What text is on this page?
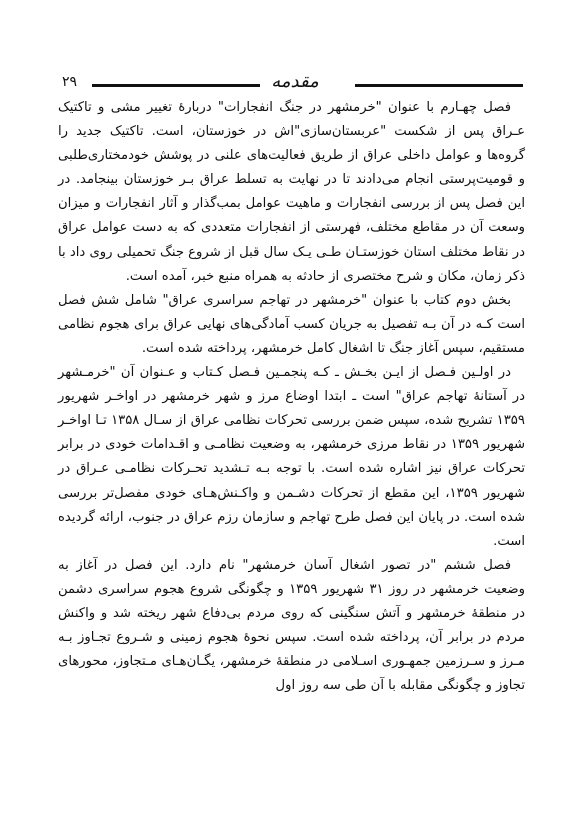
۲۹	مقدمه

فصل چهـارم با عنوان "خرمشهر در جنگ انفجارات" دربارهٔ تغییر مشی و تاکتیک عـراق پس از شکست "عربستان‌سازی"اش در خوزستان، است. تاکتیک جدید را گروه‌ها و عوامل داخلی عراق از طریق فعالیت‌های علنی در پوشش خودمختاری‌طلبی و قومیت‌پرستی انجام می‌دادند تا در نهایت به تسلط عراق بـر خوزستان بینجامد. در این فصل پس از بررسی انفجارات و ماهیت عوامل بمب‌گذار و آثار انفجارات و میزان وسعت آن در مقاطع مختلف، فهرستی از انفجارات متعددی که به دست عوامل عراق در نقاط مختلف استان خوزستـان طـی یـک سال قبل از شروع جنگ تحمیلی روی داد با ذکر زمان، مکان و شرح مختصری از حادثه به همراه منبع خبر، آمده است.

بخش دوم کتاب با عنوان "خرمشهر در تهاجم سراسری عراق" شامل شش فصل است کـه در آن بـه تفصیل به جریان کسب آمادگی‌های نهایی عراق برای هجوم نظامی مستقیم، سپس آغاز جنگ تا اشغال کامل خرمشهر، پرداخته شده است.

در اولـین فـصل از ایـن بخـش ـ کـه پنجمـین فـصل کـتاب و عـنوان آن "خرمـشهر در آستانهٔ تهاجم عراق" است ـ ابتدا اوضاع مرز و شهر خرمشهر در اواخـر شهریور ۱۳۵۹ تشریح شده، سپس ضمن بررسی تحرکات نظامی عراق از سـال ۱۳۵۸ تـا اواخـر شهریور ۱۳۵۹ در نقاط مرزی خرمشهر، به وضعیت نظامـی و اقـدامات خودی در برابر تحرکات عراق نیز اشاره شده است. با توجه بـه تـشدید تحـرکات نظامـی عـراق در شهریور ۱۳۵۹، این مقطع از تحرکات دشـمن و واکـنش‌هـای خودی مفصل‌تر بررسی شده است. در پایان این فصل طرح تهاجم و سازمان رزم عراق در جنوب، ارائه گردیده است.

فصل ششم "در تصور اشغال آسان خرمشهر" نام دارد. این فصل در آغاز به وضعیت خرمشهر در روز ۳۱ شهریور ۱۳۵۹ و چگونگی شروع هجوم سراسری دشمن در منطقهٔ خرمشهر و آتش سنگینی که روی مردم بی‌دفاع شهر ریخته شد و واکنش مردم در برابر آن، پرداخته شده است. سپس نحوهٔ هجوم زمینی و شـروع تجـاوز بـه مـرز و سـرزمین جمهـوری اسـلامی در منطقهٔ خرمشهر، یگـان‌هـای مـتجاوز، محورهای تجاوز و چگونگی مقابله با آن طی سه روز اول
